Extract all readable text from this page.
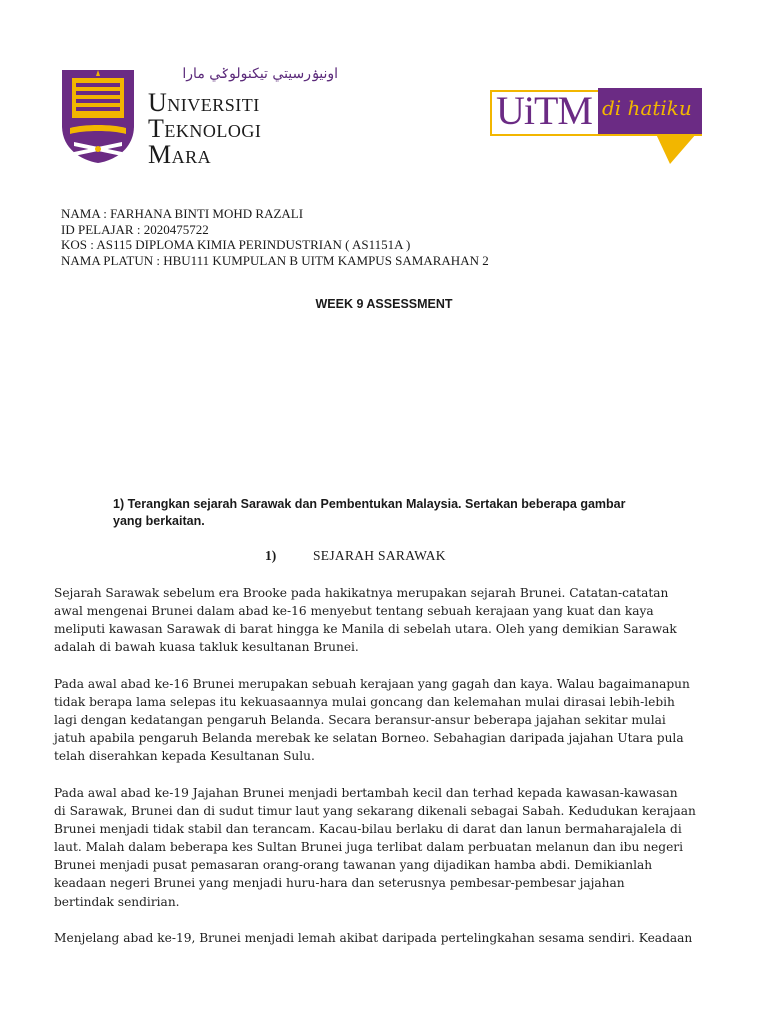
اونيۏرسيتي تيكنولوݢي مارا
Universiti
Teknologi
Mara
UiTM di hatiku
NAMA : FARHANA BINTI MOHD RAZALI
ID PELAJAR : 2020475722
KOS : AS115 DIPLOMA KIMIA PERINDUSTRIAN ( AS1151A )
NAMA PLATUN : HBU111 KUMPULAN B UITM KAMPUS SAMARAHAN 2
WEEK 9 ASSESSMENT
1) Terangkan sejarah Sarawak dan Pembentukan Malaysia. Sertakan beberapa gambar
yang berkaitan.
1)	SEJARAH SARAWAK
Sejarah Sarawak sebelum era Brooke pada hakikatnya merupakan sejarah Brunei. Catatan-catatan
awal mengenai Brunei dalam abad ke-16 menyebut tentang sebuah kerajaan yang kuat dan kaya
meliputi kawasan Sarawak di barat hingga ke Manila di sebelah utara. Oleh yang demikian Sarawak
adalah di bawah kuasa takluk kesultanan Brunei.
Pada awal abad ke-16 Brunei merupakan sebuah kerajaan yang gagah dan kaya. Walau bagaimanapun
tidak berapa lama selepas itu kekuasaannya mulai goncang dan kelemahan mulai dirasai lebih-lebih
lagi dengan kedatangan pengaruh Belanda. Secara beransur-ansur beberapa jajahan sekitar mulai
jatuh apabila pengaruh Belanda merebak ke selatan Borneo. Sebahagian daripada jajahan Utara pula
telah diserahkan kepada Kesultanan Sulu.
Pada awal abad ke-19 Jajahan Brunei menjadi bertambah kecil dan terhad kepada kawasan-kawasan
di Sarawak, Brunei dan di sudut timur laut yang sekarang dikenali sebagai Sabah. Kedudukan kerajaan
Brunei menjadi tidak stabil dan terancam. Kacau-bilau berlaku di darat dan lanun bermaharajalela di
laut. Malah dalam beberapa kes Sultan Brunei juga terlibat dalam perbuatan melanun dan ibu negeri
Brunei menjadi pusat pemasaran orang-orang tawanan yang dijadikan hamba abdi. Demikianlah
keadaan negeri Brunei yang menjadi huru-hara dan seterusnya pembesar-pembesar jajahan
bertindak sendirian.
Menjelang abad ke-19, Brunei menjadi lemah akibat daripada pertelingkahan sesama sendiri. Keadaan
